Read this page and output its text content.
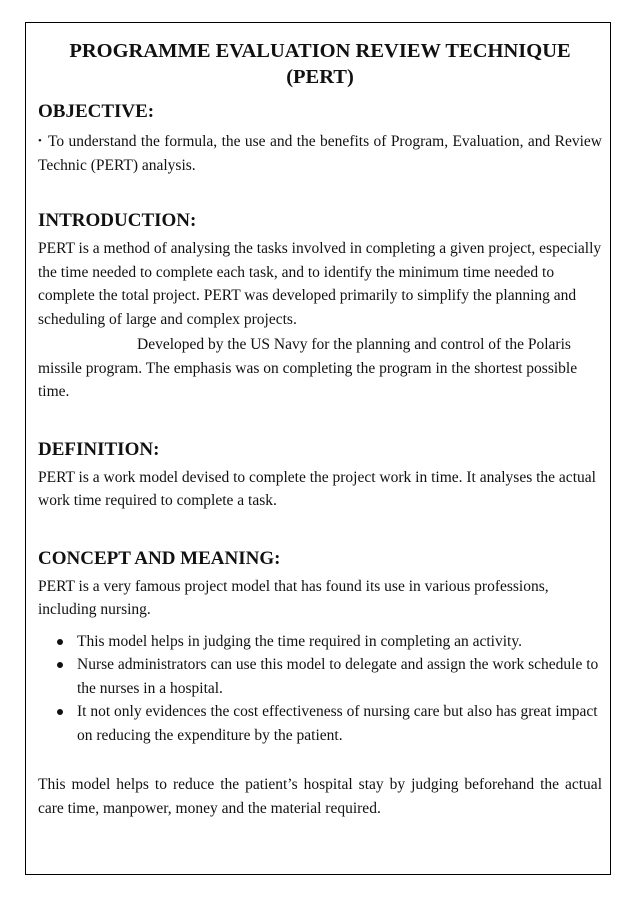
PROGRAMME EVALUATION REVIEW TECHNIQUE
(PERT)
OBJECTIVE:

• To understand the formula, the use and the benefits of Program, Evaluation, and Review Technic (PERT) analysis.

INTRODUCTION:

PERT is a method of analysing the tasks involved in completing a given project, especially the time needed to complete each task, and to identify the minimum time needed to complete the total project. PERT was developed primarily to simplify the planning and scheduling of large and complex projects.

Developed by the US Navy for the planning and control of the Polaris missile program. The emphasis was on completing the program in the shortest possible time.

DEFINITION:

PERT is a work model devised to complete the project work in time. It analyses the actual work time required to complete a task.

CONCEPT AND MEANING:

PERT is a very famous project model that has found its use in various professions, including nursing.

This model helps in judging the time required in completing an activity.
Nurse administrators can use this model to delegate and assign the work schedule to the nurses in a hospital.
It not only evidences the cost effectiveness of nursing care but also has great impact on reducing the expenditure by the patient.

This model helps to reduce the patient’s hospital stay by judging beforehand the actual care time, manpower, money and the material required.
